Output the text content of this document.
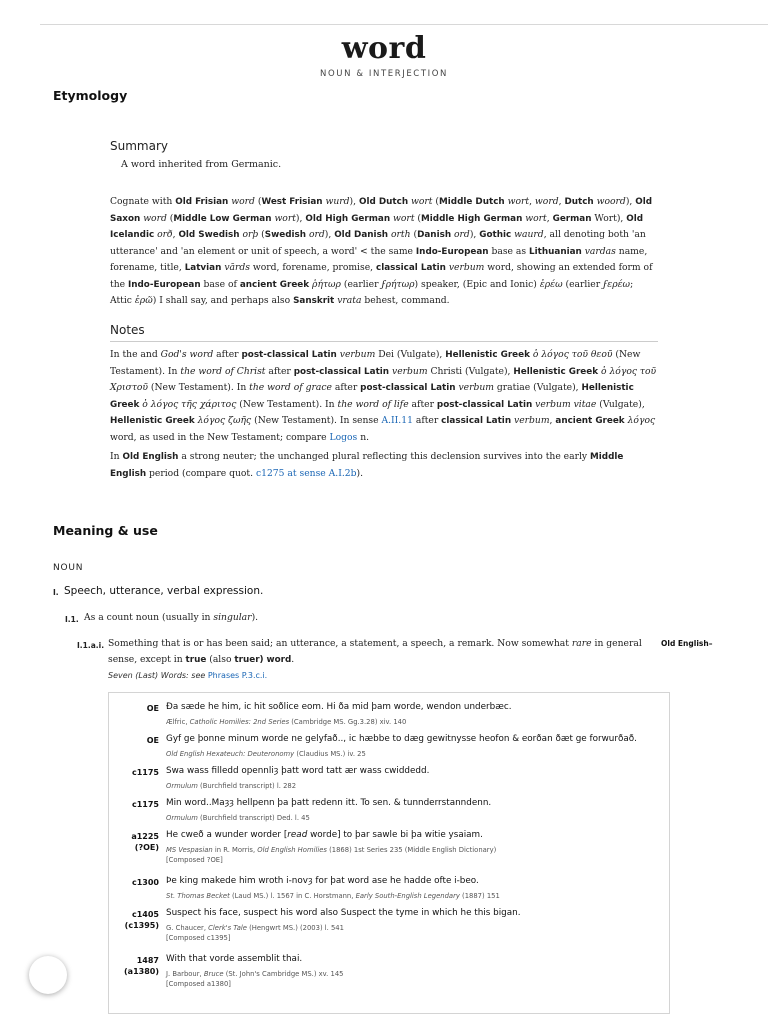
word
NOUN & INTERJECTION
Etymology
Summary
A word inherited from Germanic.
Cognate with Old Frisian word (West Frisian wurd), Old Dutch wort (Middle Dutch wort, word, Dutch woord), Old Saxon word (Middle Low German wort), Old High German wort (Middle High German wort, German Wort), Old Icelandic orð, Old Swedish orþ (Swedish ord), Old Danish orth (Danish ord), Gothic waurd, all denoting both 'an utterance' and 'an element or unit of speech, a word' < the same Indo-European base as Lithuanian vardas name, forename, title, Latvian vārds word, forename, promise, classical Latin verbum word, showing an extended form of the Indo-European base of ancient Greek ῥήτωρ (earlier ϝρήτωρ) speaker, (Epic and Ionic) ἐρέω (earlier ϝερέω; Attic ἐρῶ) I shall say, and perhaps also Sanskrit vrata behest, command.
Notes
In the and God's word after post-classical Latin verbum Dei (Vulgate), Hellenistic Greek ὁ λόγος τοῦ θεοῦ (New Testament). In the word of Christ after post-classical Latin verbum Christi (Vulgate), Hellenistic Greek ὁ λόγος τοῦ Χριστοῦ (New Testament). In the word of grace after post-classical Latin verbum gratiae (Vulgate), Hellenistic Greek ὁ λόγος τῆς χάριτος (New Testament). In the word of life after post-classical Latin verbum vitae (Vulgate), Hellenistic Greek λόγος ζωῆς (New Testament). In sense A.II.11 after classical Latin verbum, ancient Greek λόγος word, as used in the New Testament; compare Logos n.
In Old English a strong neuter; the unchanged plural reflecting this declension survives into the early Middle English period (compare quot. c1275 at sense A.I.2b).
Meaning & use
NOUN
I. Speech, utterance, verbal expression.
I.1. As a count noun (usually in singular).
I.1.a.i. Something that is or has been said; an utterance, a statement, a speech, a remark. Now somewhat rare in general sense, except in true (also truer) word.
Old English–
Seven (Last) Words: see Phrases P.3.c.i.
OE Ða sæde he him, ic hit soðlice eom. Hi ða mid þam worde, wendon underbæc.
Ælfric, Catholic Homilies: 2nd Series (Cambridge MS. Gg.3.28) xiv. 140
OE Gyf ge þonne minum worde ne gelyfað.., ic hæbbe to dæg gewitnysse heofon & eorðan ðæt ge forwurðað.
Old English Hexateuch: Deuteronomy (Claudius MS.) iv. 25
c1175 Swa wass filledd opennliȝ þatt word tatt ær wass cwiddedd.
Ormulum (Burchfield transcript) l. 282
c1175 Min word..Maȝȝ hellpenn þa þatt redenn itt. To sen. & tunnderrstanndenn.
Ormulum (Burchfield transcript) Ded. l. 45
a1225
(?OE)
He cweð a wunder worder [read worde] to þar sawle bi þa witie ysaiam.
MS Vespasian in R. Morris, Old English Homilies (1868) 1st Series 235 (Middle English Dictionary)
[Composed ?OE]
c1300 Þe king makede him wroth i-novȝ for þat word ase he hadde ofte i-beo.
St. Thomas Becket (Laud MS.) l. 1567 in C. Horstmann, Early South-English Legendary (1887) 151
c1405
(c1395)
Suspect his face, suspect his word also Suspect the tyme in which he this bigan.
G. Chaucer, Clerk's Tale (Hengwrt MS.) (2003) l. 541
[Composed c1395]
1487
(a1380)
With that vorde assemblit thai.
J. Barbour, Bruce (St. John's Cambridge MS.) xv. 145
[Composed a1380]
